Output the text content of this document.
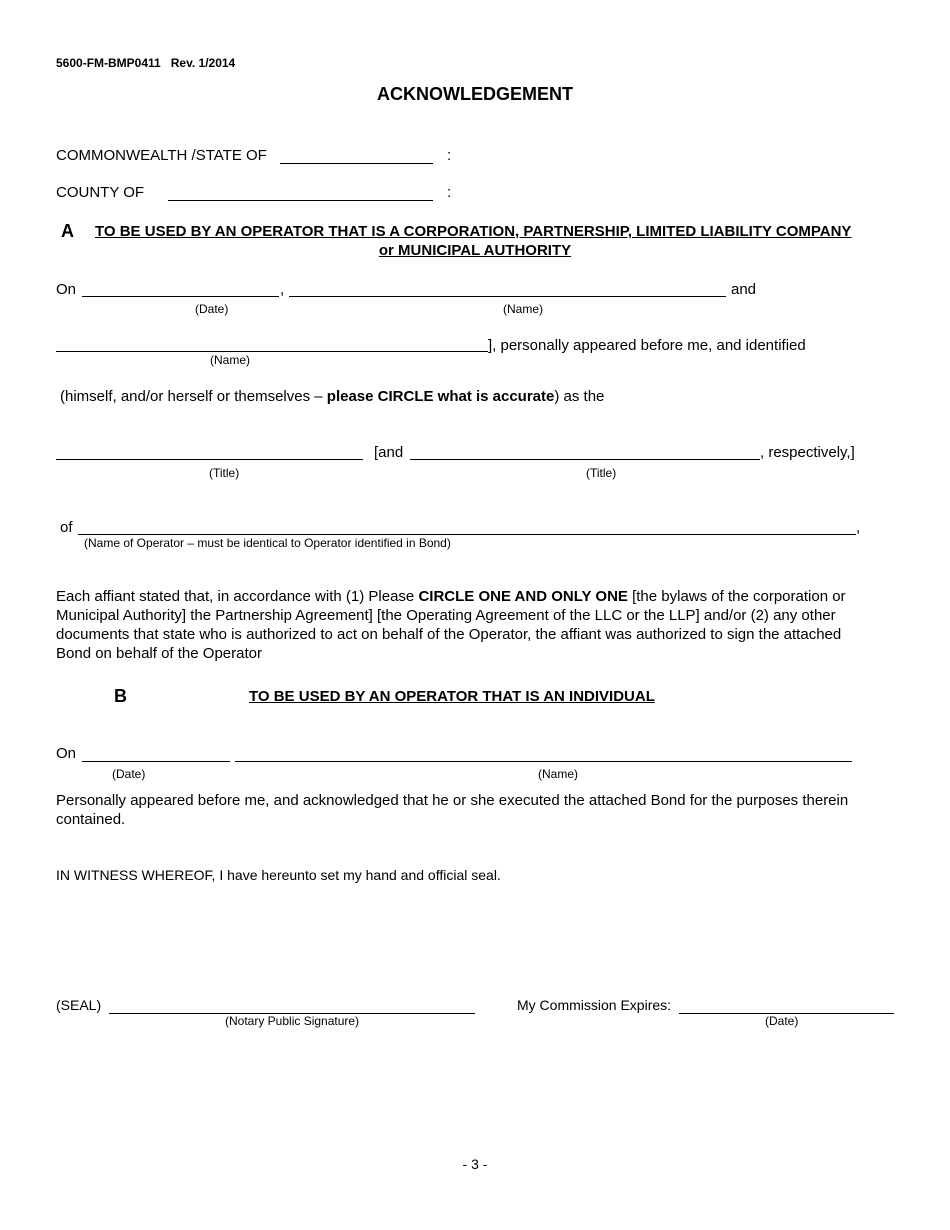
5600-FM-BMP0411 Rev. 1/2014
ACKNOWLEDGEMENT
COMMONWEALTH /STATE OF	:
COUNTY OF	:
A TO BE USED BY AN OPERATOR THAT IS A CORPORATION, PARTNERSHIP, LIMITED LIABILITY COMPANY
or MUNICIPAL AUTHORITY
On	,	and
(Date)	(Name)
], personally appeared before me, and identified
(Name)
(himself, and/or herself or themselves – please CIRCLE what is accurate) as the
[and	, respectively,]
(Title)	(Title)
of	,
(Name of Operator – must be identical to Operator identified in Bond)
Each affiant stated that, in accordance with (1) Please CIRCLE ONE AND ONLY ONE [the bylaws of the corporation or
Municipal Authority] the Partnership Agreement] [the Operating Agreement of the LLC or the LLP] and/or (2) any other
documents that state who is authorized to act on behalf of the Operator, the affiant was authorized to sign the attached
Bond on behalf of the Operator
B	TO BE USED BY AN OPERATOR THAT IS AN INDIVIDUAL
On
(Date)	(Name)
Personally appeared before me, and acknowledged that he or she executed the attached Bond for the purposes therein
contained.
IN WITNESS WHEREOF, I have hereunto set my hand and official seal.
(SEAL)
(Notary Public Signature)
My Commission Expires:
(Date)
- 3 -
